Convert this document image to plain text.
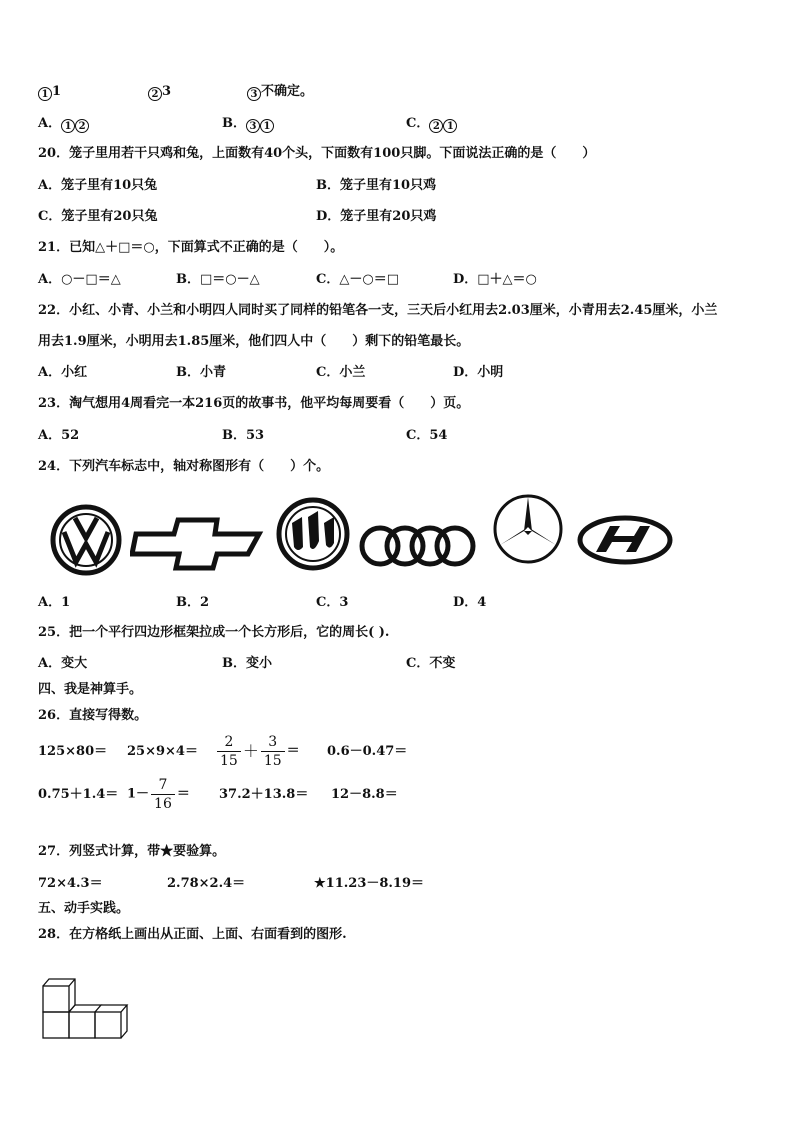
1 1	2 3	3 不确定。
A． 1 2	B． 3 1	C． 2 1
20．笼子里用若干只鸡和兔，上面数有40个头，下面数有100只脚。下面说法正确的是（　　）
A．笼子里有10只兔	B．笼子里有10只鸡
C．笼子里有20只兔	D．笼子里有20只鸡
21．已知△＋□＝○，下面算式不正确的是（　　）。
A．○－□＝△	B．□＝○－△	C．△－○＝□	D．□＋△＝○
22．小红、小青、小兰和小明四人同时买了同样的铅笔各一支，三天后小红用去2.03厘米，小青用去2.45厘米，小兰
用去1.9厘米，小明用去1.85厘米，他们四人中（　　）剩下的铅笔最长。
A．小红	B．小青	C．小兰	D．小明
23．淘气想用4周看完一本216页的故事书，他平均每周要看（　　）页。
A．52	B．53	C．54
24．下列汽车标志中，轴对称图形有（　　）个。
A．1	B．2	C．3	D．4
25．把一个平行四边形框架拉成一个长方形后，它的周长( ).
A．变大	B．变小	C．不变
四、我是神算手。
26．直接写得数。
$125\times 80= 25\times 9\times 4= \frac{2}{15} + \frac{3}{15} = 0.6-0.47=$
$0.75+1.4= 1- \frac{7}{16} = 37.2+13.8= 12-8.8=$
27．列竖式计算，带★要验算。
72×4.3＝	2.78×2.4＝	★11.23－8.19＝
五、动手实践。
28．在方格纸上画出从正面、上面、右面看到的图形.
